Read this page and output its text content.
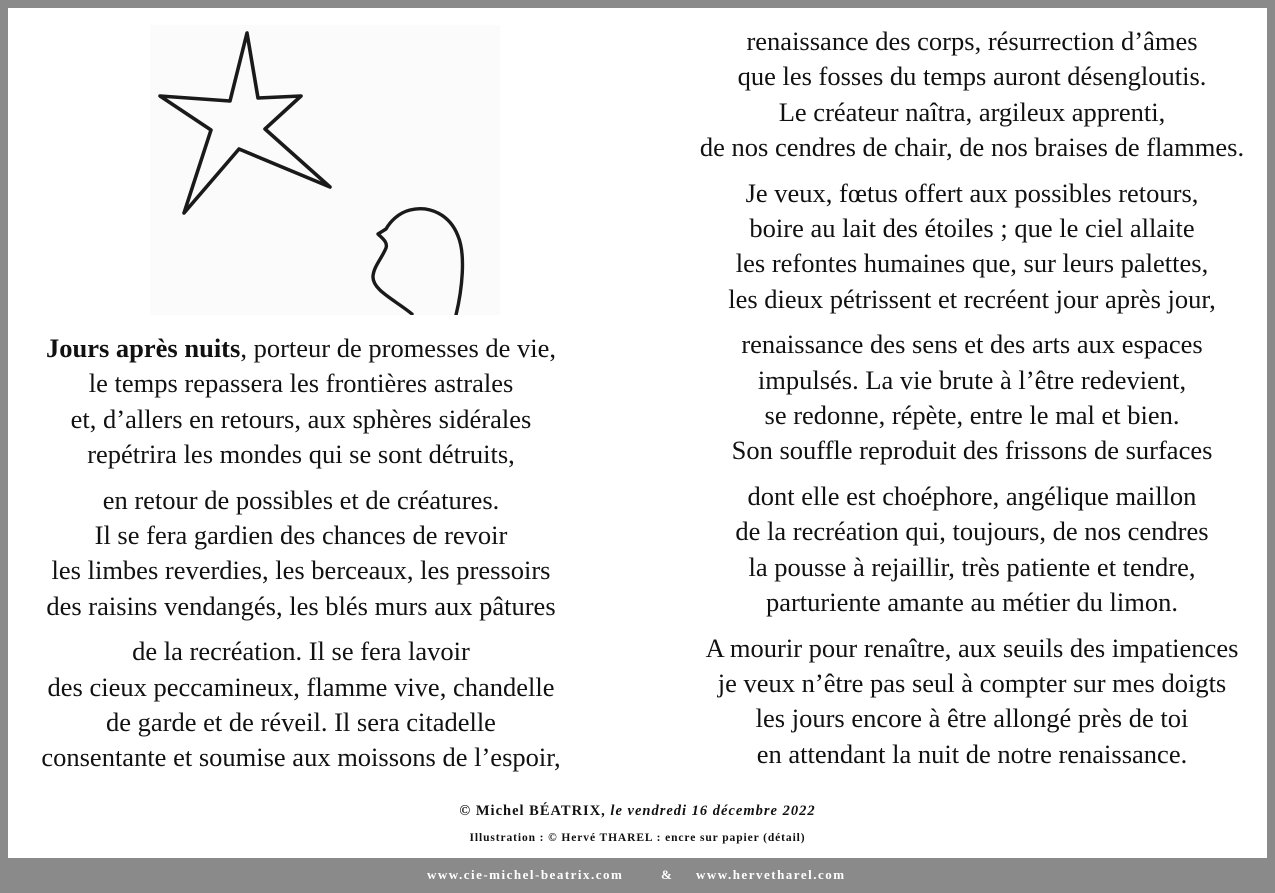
Jours après nuits, porteur de promesses de vie,
le temps repassera les frontières astrales
et, d’allers en retours, aux sphères sidérales
repétrira les mondes qui se sont détruits,
en retour de possibles et de créatures.
Il se fera gardien des chances de revoir
les limbes reverdies, les berceaux, les pressoirs
des raisins vendangés, les blés murs aux pâtures
de la recréation. Il se fera lavoir
des cieux peccamineux, flamme vive, chandelle
de garde et de réveil. Il sera citadelle
consentante et soumise aux moissons de l’espoir,
renaissance des corps, résurrection d’âmes
que les fosses du temps auront désengloutis.
Le créateur naîtra, argileux apprenti,
de nos cendres de chair, de nos braises de flammes.
Je veux, fœtus offert aux possibles retours,
boire au lait des étoiles ; que le ciel allaite
les refontes humaines que, sur leurs palettes,
les dieux pétrissent et recréent jour après jour,
renaissance des sens et des arts aux espaces
impulsés. La vie brute à l’être redevient,
se redonne, répète, entre le mal et bien.
Son souffle reproduit des frissons de surfaces
dont elle est choéphore, angélique maillon
de la recréation qui, toujours, de nos cendres
la pousse à rejaillir, très patiente et tendre,
parturiente amante au métier du limon.
A mourir pour renaître, aux seuils des impatiences
je veux n’être pas seul à compter sur mes doigts
les jours encore à être allongé près de toi
en attendant la nuit de notre renaissance.
© Michel BÉATRIX, le vendredi 16 décembre 2022
Illustration : © Hervé THAREL : encre sur papier (détail)
www.cie-michel-beatrix.com	& www.hervetharel.com
